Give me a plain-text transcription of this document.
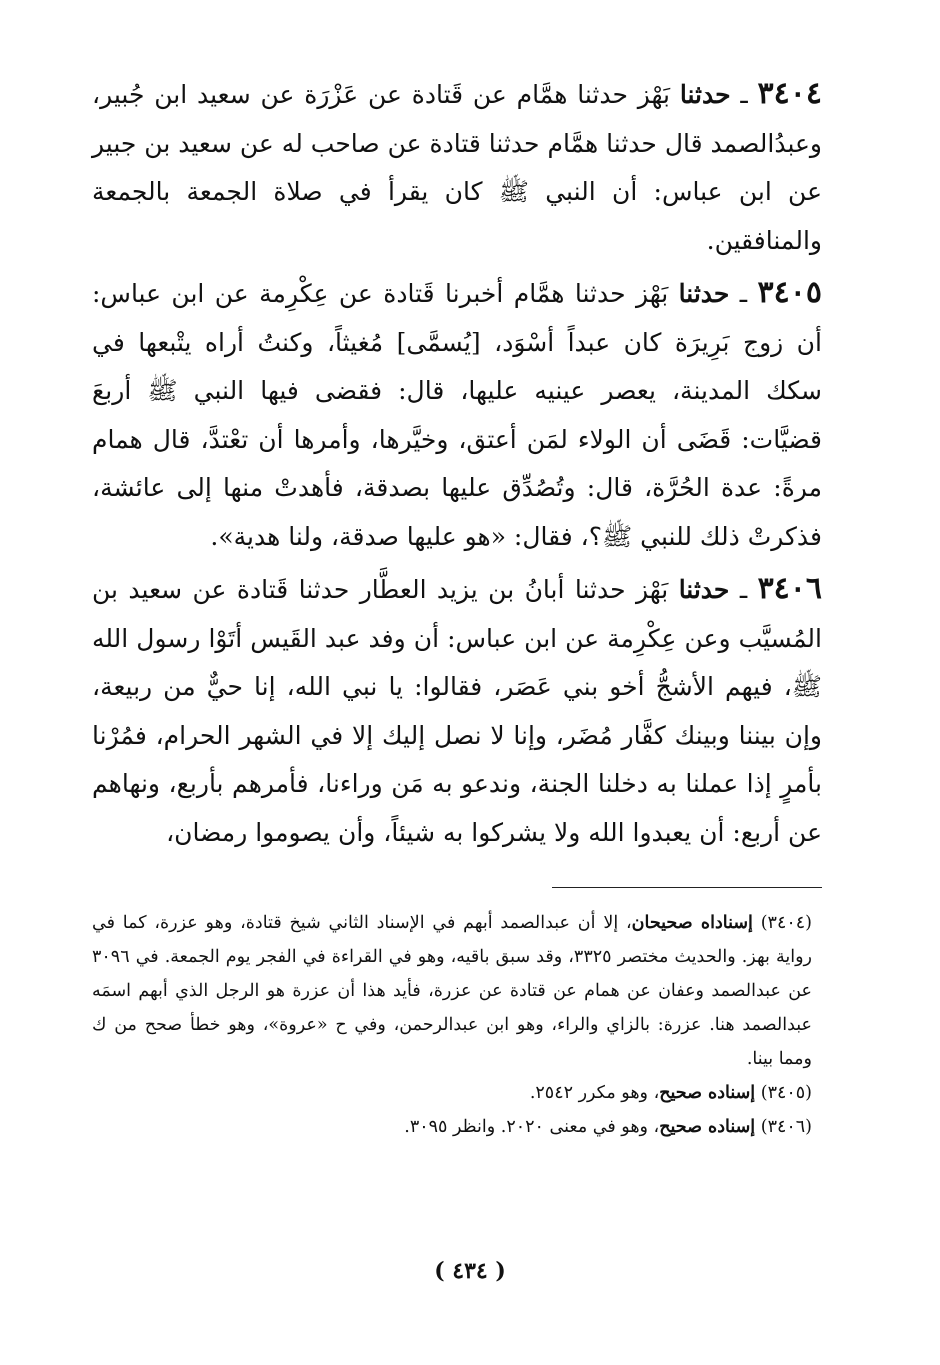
٣٤٠٤ ـ حدثنا بَهْز حدثنا همَّام عن قَتادة عن عَزْرَة عن سعيد ابن جُبير، وعبدُالصمد قال حدثنا همَّام حدثنا قتادة عن صاحب له عن سعيد بن جبير عن ابن عباس: أن النبي ﷺ كان يقرأ في صلاة الجمعة بالجمعة والمنافقين.

٣٤٠٥ ـ حدثنا بَهْز حدثنا همَّام أخبرنا قَتادة عن عِكْرِمة عن ابن عباس: أن زوج بَرِيرَة كان عبداً أسْوَد، [يُسمَّى] مُغيثاً، وكنتُ أراه يتْبعها في سكك المدينة، يعصر عينيه عليها، قال: فقضى فيها النبي ﷺ أربعَ قضيَّات: قَضَى أن الولاء لمَن أعتق، وخيَّرها، وأمرها أن تعْتدَّ، قال همام مرةً: عدة الحُرَّة، قال: وتُصُدِّق عليها بصدقة، فأهدتْ منها إلى عائشة، فذكرتْ ذلك للنبي ﷺ؟، فقال: «هو عليها صدقة، ولنا هدية».

٣٤٠٦ ـ حدثنا بَهْز حدثنا أبانُ بن يزيد العطَّار حدثنا قَتادة عن سعيد بن المُسيَّب وعن عِكْرِمة عن ابن عباس: أن وفد عبد القَيس أتَوْا رسول الله ﷺ، فيهم الأشجُّ أخو بني عَصَر، فقالوا: يا نبي الله، إنا حيٌّ من ربيعة، وإن بيننا وبينك كفَّار مُضَر، وإنا لا نصل إليك إلا في الشهر الحرام، فمُرْنا بأمرٍ إذا عملنا به دخلنا الجنة، وندعو به مَن وراءنا، فأمرهم بأربع، ونهاهم عن أربع: أن يعبدوا الله ولا يشركوا به شيئاً، وأن يصوموا رمضان،

(٣٤٠٤) إسناداه صحيحان، إلا أن عبدالصمد أبهم في الإسناد الثاني شيخ قتادة، وهو عزرة، كما في رواية بهز. والحديث مختصر ٣٣٢٥، وقد سبق باقيه، وهو في القراءة في الفجر يوم الجمعة. في ٣٠٩٦ عن عبدالصمد وعفان عن همام عن قتادة عن عزرة، فأيد هذا أن عزرة هو الرجل الذي أبهم اسمَه عبدالصمد هنا. عزرة: بالزاي والراء، وهو ابن عبدالرحمن، وفي ح «عروة»، وهو خطأ صحح من ك ومما بينا.

(٣٤٠٥) إسناده صحيح، وهو مكرر ٢٥٤٢.

(٣٤٠٦) إسناده صحيح، وهو في معنى ٢٠٢٠. وانظر ٣٠٩٥.

( ٤٣٤ )
